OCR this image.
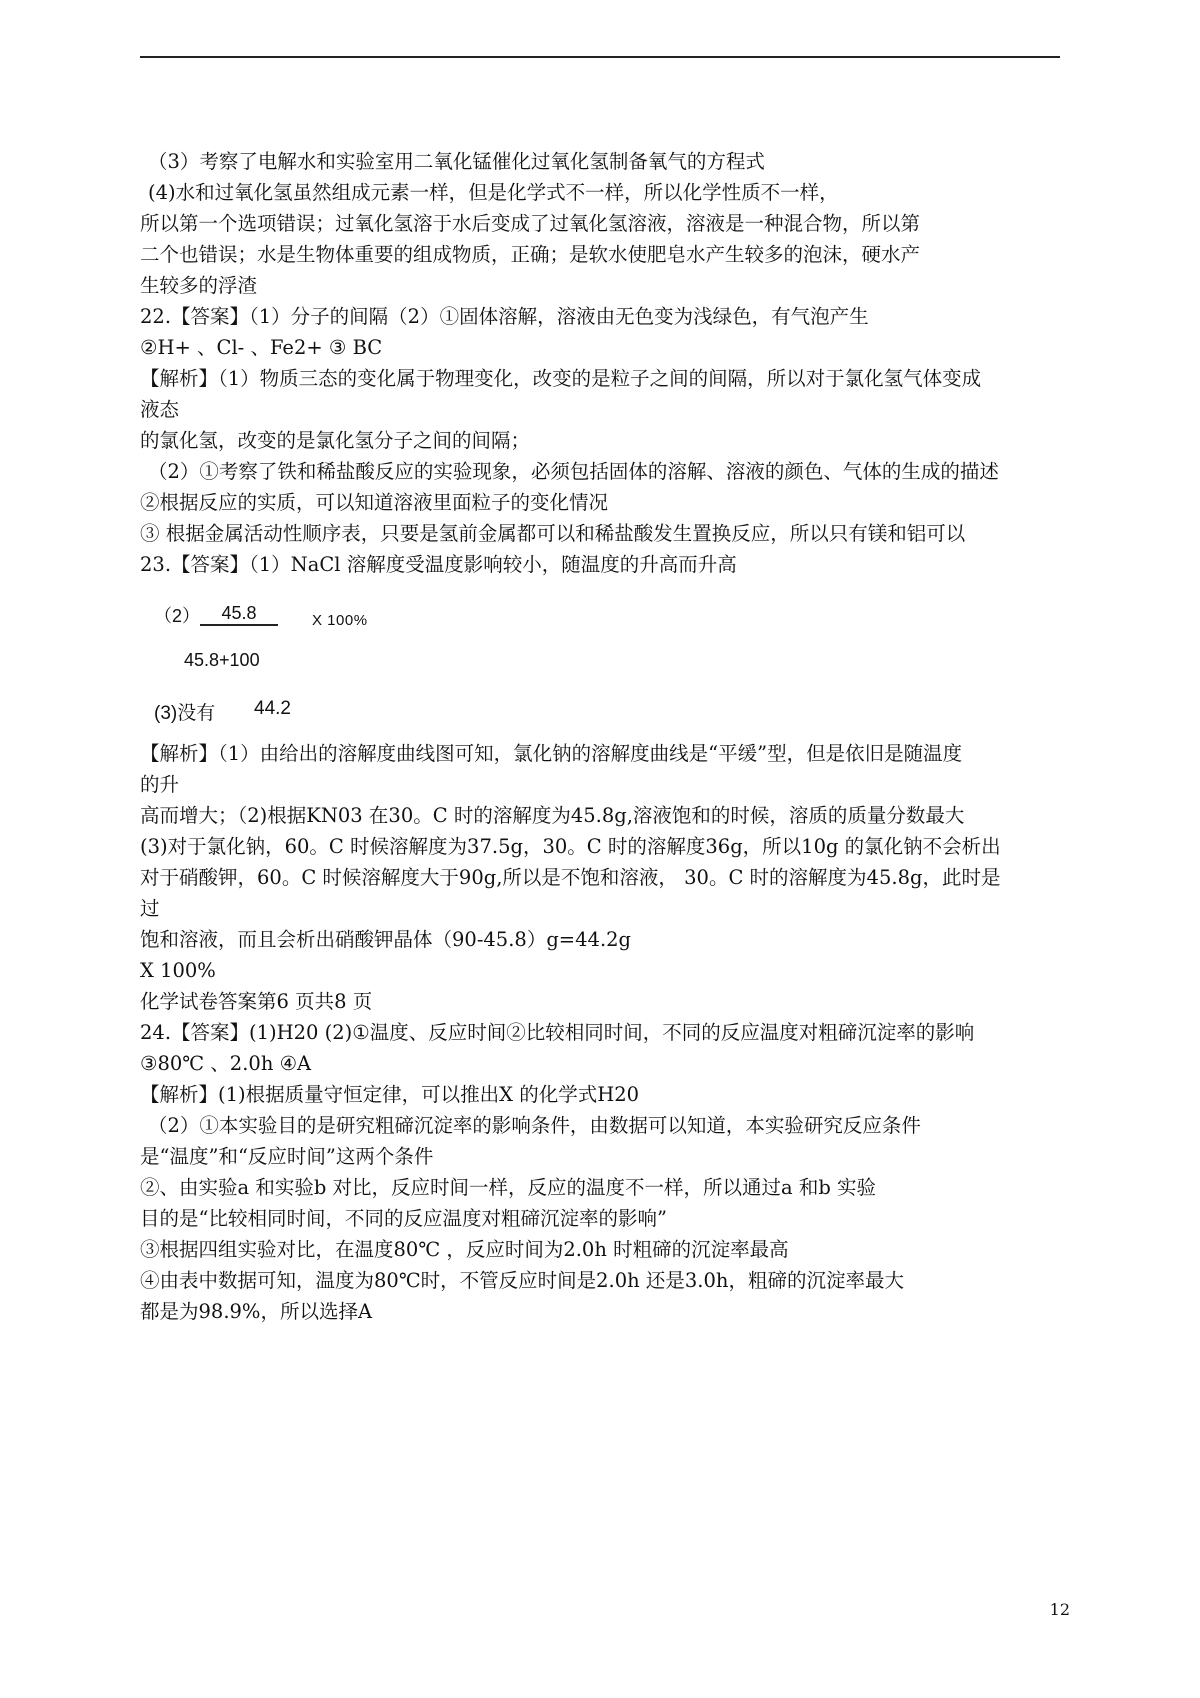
（3）考察了电解水和实验室用二氧化锰催化过氧化氢制备氧气的方程式
(4)水和过氧化氢虽然组成元素一样，但是化学式不一样，所以化学性质不一样，
所以第一个选项错误；过氧化氢溶于水后变成了过氧化氢溶液，溶液是一种混合物，所以第
二个也错误；水是生物体重要的组成物质，正确；是软水使肥皂水产生较多的泡沫，硬水产
生较多的浮渣
22.【答案】（1）分子的间隔（2）①固体溶解，溶液由无色变为浅绿色，有气泡产生
②H+ 、Cl- 、Fe2+ ③ BC
【解析】（1）物质三态的变化属于物理变化，改变的是粒子之间的间隔，所以对于氯化氢气体变成
液态
的氯化氢，改变的是氯化氢分子之间的间隔；
（2）①考察了铁和稀盐酸反应的实验现象，必须包括固体的溶解、溶液的颜色、气体的生成的描述
②根据反应的实质，可以知道溶液里面粒子的变化情况
③ 根据金属活动性顺序表，只要是氢前金属都可以和稀盐酸发生置换反应，所以只有镁和铝可以
23.【答案】（1）NaCl 溶解度受温度影响较小，随温度的升高而升高
（2）	45.8	X 100%
45.8+100
(3)没有 44.2
【解析】（1）由给出的溶解度曲线图可知，氯化钠的溶解度曲线是“平缓”型，但是依旧是随温度
的升
高而增大；（2)根据KN03 在30。C 时的溶解度为45.8g,溶液饱和的时候，溶质的质量分数最大
(3)对于氯化钠，60。C 时候溶解度为37.5g，30。C 时的溶解度36g，所以10g 的氯化钠不会析出
对于硝酸钾，60。C 时候溶解度大于90g,所以是不饱和溶液， 30。C 时的溶解度为45.8g，此时是
过
饱和溶液，而且会析出硝酸钾晶体（90-45.8）g=44.2g
X 100%
化学试卷答案第6 页共8 页
24.【答案】(1)H20 (2)①温度、反应时间②比较相同时间，不同的反应温度对粗碲沉淀率的影响
③80℃ 、2.0h ④A
【解析】(1)根据质量守恒定律，可以推出X 的化学式H20
（2）①本实验目的是研究粗碲沉淀率的影响条件，由数据可以知道，本实验研究反应条件
是“温度”和“反应时间”这两个条件
②、由实验a 和实验b 对比，反应时间一样，反应的温度不一样，所以通过a 和b 实验
目的是“比较相同时间，不同的反应温度对粗碲沉淀率的影响”
③根据四组实验对比，在温度80℃ ，反应时间为2.0h 时粗碲的沉淀率最高
④由表中数据可知，温度为80℃时，不管反应时间是2.0h 还是3.0h，粗碲的沉淀率最大
都是为98.9%，所以选择A
12
